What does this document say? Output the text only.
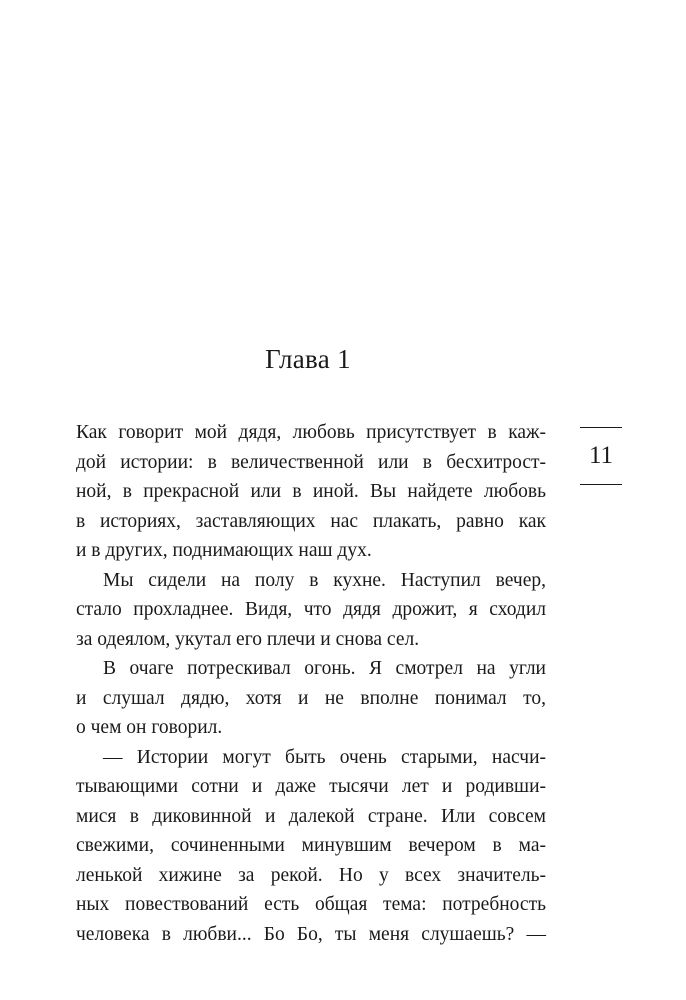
Глава 1
11

Как говорит мой дядя, любовь присутствует в каж-
дой истории: в величественной или в бесхитрост-
ной, в прекрасной или в иной. Вы найдете любовь
в историях, заставляющих нас плакать, равно как
и в других, поднимающих наш дух.

Мы сидели на полу в кухне. Наступил вечер,
стало прохладнее. Видя, что дядя дрожит, я сходил
за одеялом, укутал его плечи и снова сел.

В очаге потрескивал огонь. Я смотрел на угли
и слушал дядю, хотя и не вполне понимал то,
о чем он говорил.

— Истории могут быть очень старыми, насчи-
тывающими сотни и даже тысячи лет и родивши-
мися в диковинной и далекой стране. Или совсем
свежими, сочиненными минувшим вечером в ма-
ленькой хижине за рекой. Но у всех значитель-
ных повествований есть общая тема: потребность
человека в любви... Бо Бо, ты меня слушаешь? —
